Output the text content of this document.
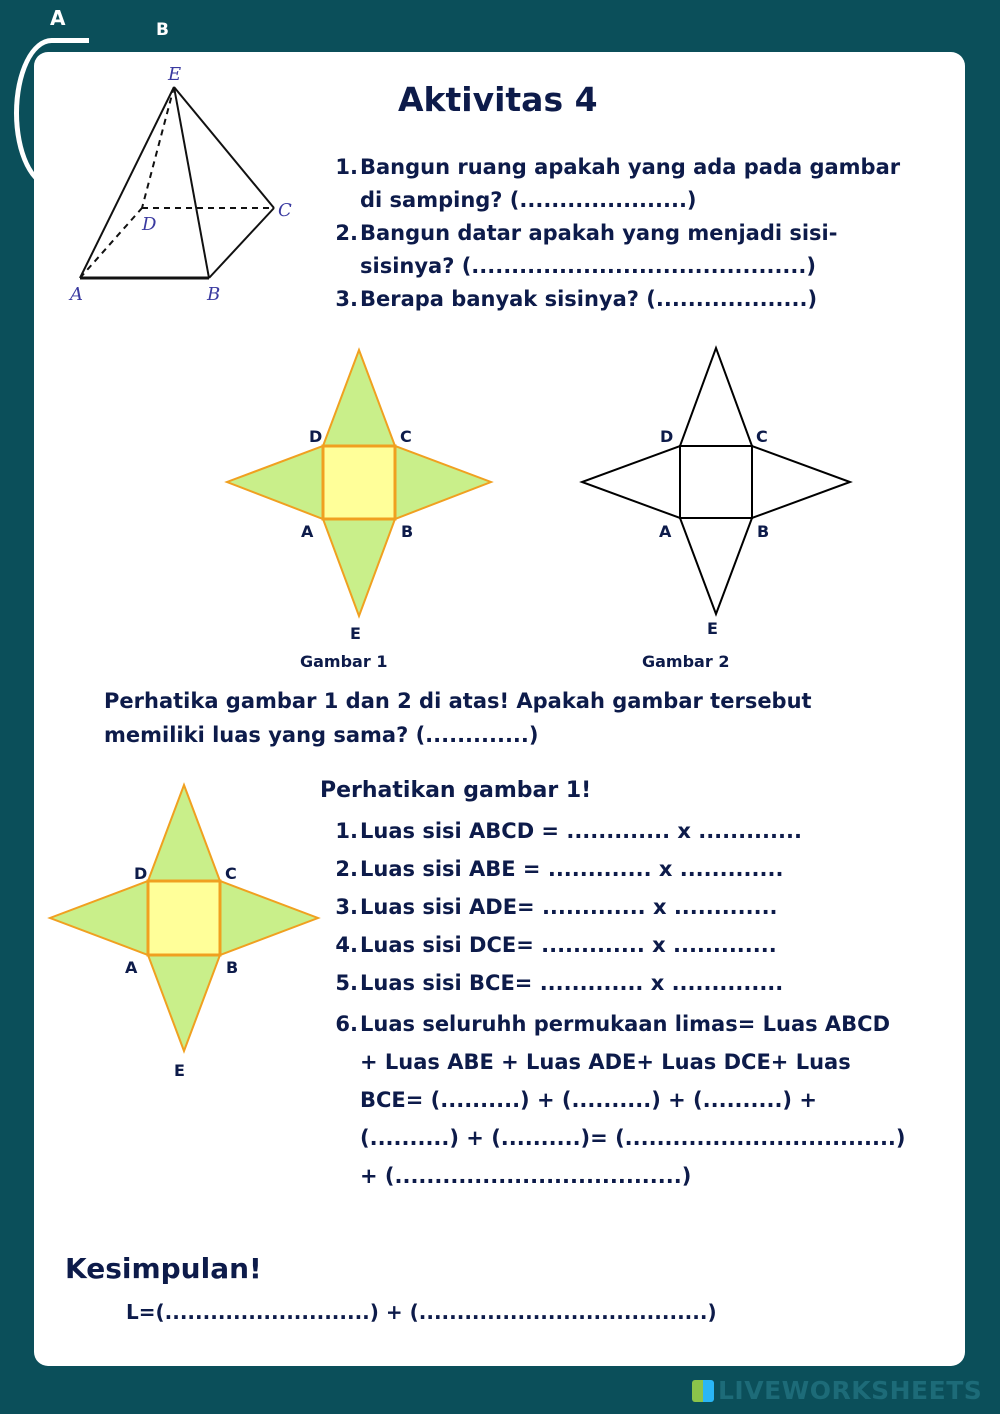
A	B
E
D
C
A	B
Aktivitas 4
1. Bangun ruang apakah yang ada pada gambar di samping? (.....................)
2. Bangun datar apakah yang menjadi sisi-sisinya? (..........................................)
3. Berapa banyak sisinya? (...................)
D	C
A	B
E
Gambar 1
D	C
A	B
E
Gambar 2
Perhatika gambar 1 dan 2 di atas! Apakah gambar tersebut memiliki luas yang sama? (.............)
D	C
A	B
E
Perhatikan gambar 1!
1. Luas sisi ABCD = ............. x .............
2. Luas sisi ABE = ............. x .............
3. Luas sisi ADE= ............. x .............
4. Luas sisi DCE= ............. x .............
5. Luas sisi BCE= ............. x ..............
6. Luas seluruhh permukaan limas= Luas ABCD + Luas ABE + Luas ADE+ Luas DCE+ Luas BCE= (..........) + (..........) + (..........) + (..........) + (..........)= (..................................) + (....................................)
Kesimpulan!
L=(...........................) + (......................................)
LIVEWORKSHEETS
